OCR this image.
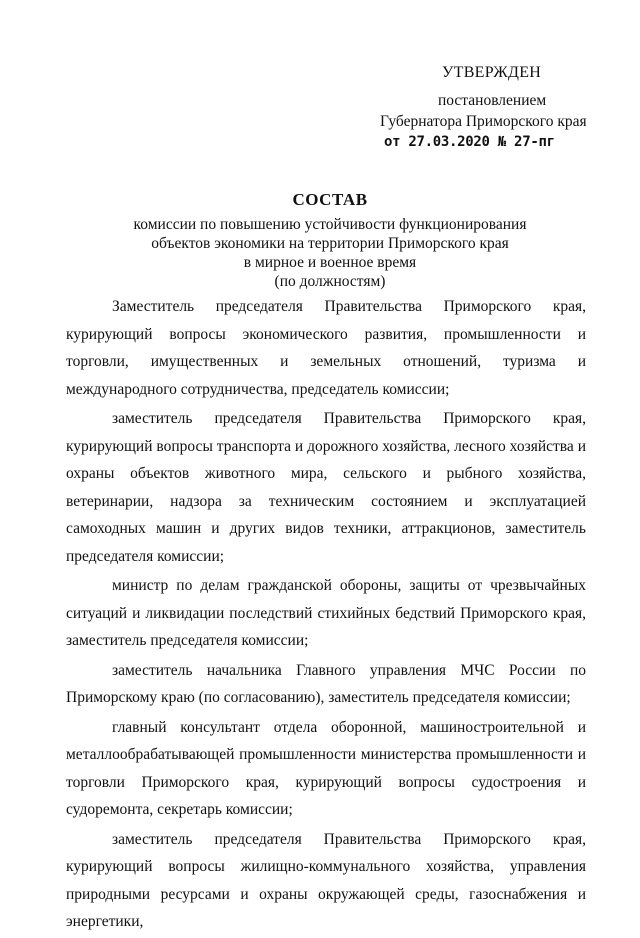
УТВЕРЖДЕН
постановлением
Губернатора Приморского края
от 27.03.2020 № 27-пг
СОСТАВ
комиссии по повышению устойчивости функционирования
объектов экономики на территории Приморского края
в мирное и военное время
(по должностям)

Заместитель председателя Правительства Приморского края, курирующий вопросы экономического развития, промышленности и торговли, имущественных и земельных отношений, туризма и международного сотрудничества, председатель комиссии;

заместитель председателя Правительства Приморского края, курирующий вопросы транспорта и дорожного хозяйства, лесного хозяйства и охраны объектов животного мира, сельского и рыбного хозяйства, ветеринарии, надзора за техническим состоянием и эксплуатацией самоходных машин и других видов техники, аттракционов, заместитель председателя комиссии;

министр по делам гражданской обороны, защиты от чрезвычайных ситуаций и ликвидации последствий стихийных бедствий Приморского края, заместитель председателя комиссии;

заместитель начальника Главного управления МЧС России по Приморскому краю (по согласованию), заместитель председателя комиссии;

главный консультант отдела оборонной, машиностроительной и металлообрабатывающей промышленности министерства промышленности и торговли Приморского края, курирующий вопросы судостроения и судоремонта, секретарь комиссии;

заместитель председателя Правительства Приморского края, курирующий вопросы жилищно-коммунального хозяйства, управления природными ресурсами и охраны окружающей среды, газоснабжения и энергетики,
